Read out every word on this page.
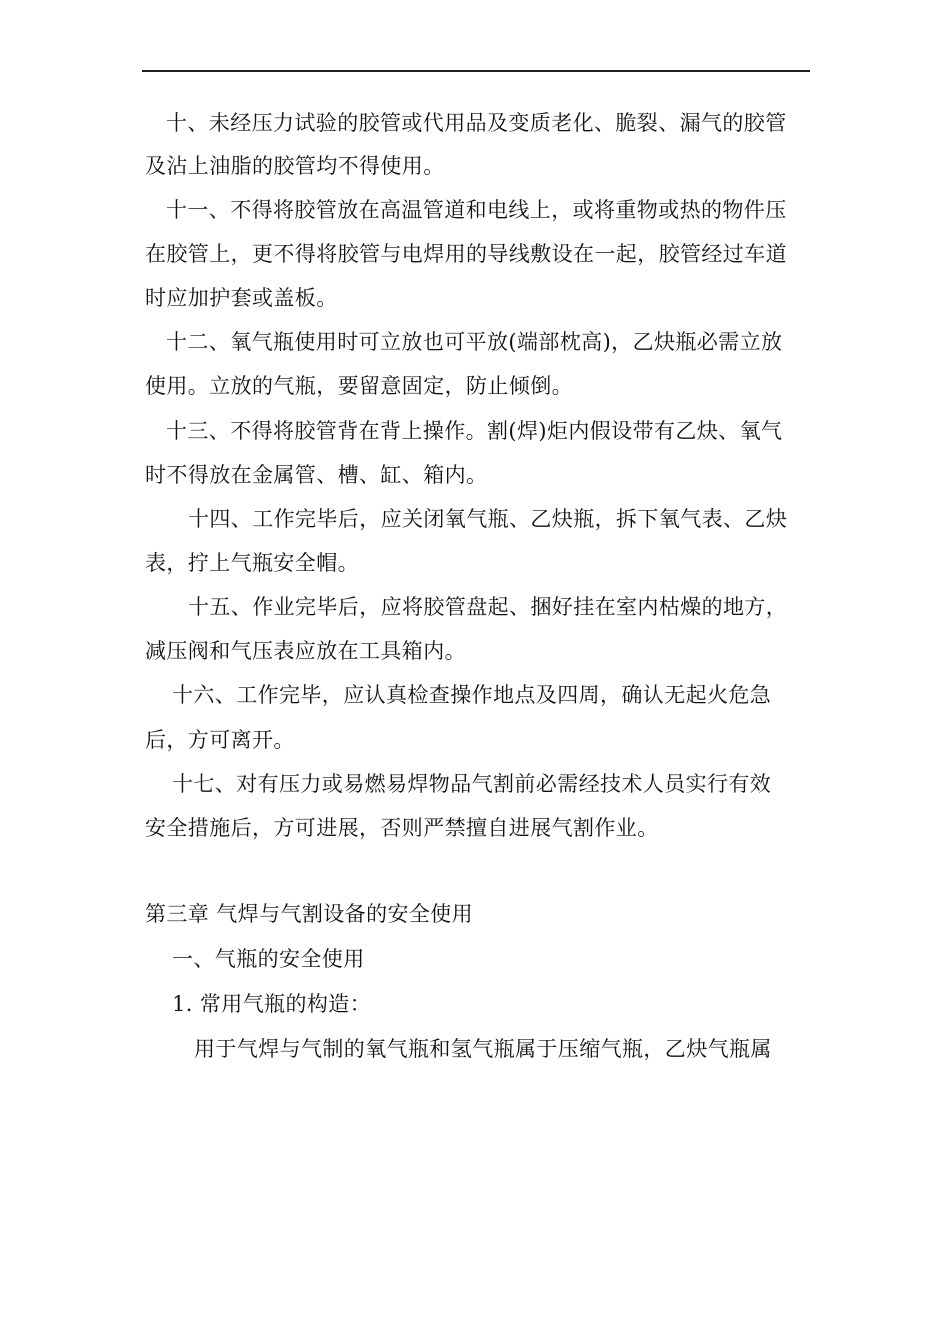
十、未经压力试验的胶管或代用品及变质老化、脆裂、漏气的胶管
及沾上油脂的胶管均不得使用。
十一、不得将胶管放在高温管道和电线上，或将重物或热的物件压
在胶管上，更不得将胶管与电焊用的导线敷设在一起，胶管经过车道
时应加护套或盖板。
十二、氧气瓶使用时可立放也可平放(端部枕高)，乙炔瓶必需立放
使用。立放的气瓶，要留意固定，防止倾倒。
十三、不得将胶管背在背上操作。割(焊)炬内假设带有乙炔、氧气
时不得放在金属管、槽、缸、箱内。
十四、工作完毕后，应关闭氧气瓶、乙炔瓶，拆下氧气表、乙炔
表，拧上气瓶安全帽。
十五、作业完毕后，应将胶管盘起、捆好挂在室内枯燥的地方，
减压阀和气压表应放在工具箱内。
十六、工作完毕，应认真检查操作地点及四周，确认无起火危急
后，方可离开。
十七、对有压力或易燃易焊物品气割前必需经技术人员实行有效
安全措施后，方可进展，否则严禁擅自进展气割作业。
第三章 气焊与气割设备的安全使用
一、气瓶的安全使用
1. 常用气瓶的构造：
用于气焊与气制的氧气瓶和氢气瓶属于压缩气瓶，乙炔气瓶属
